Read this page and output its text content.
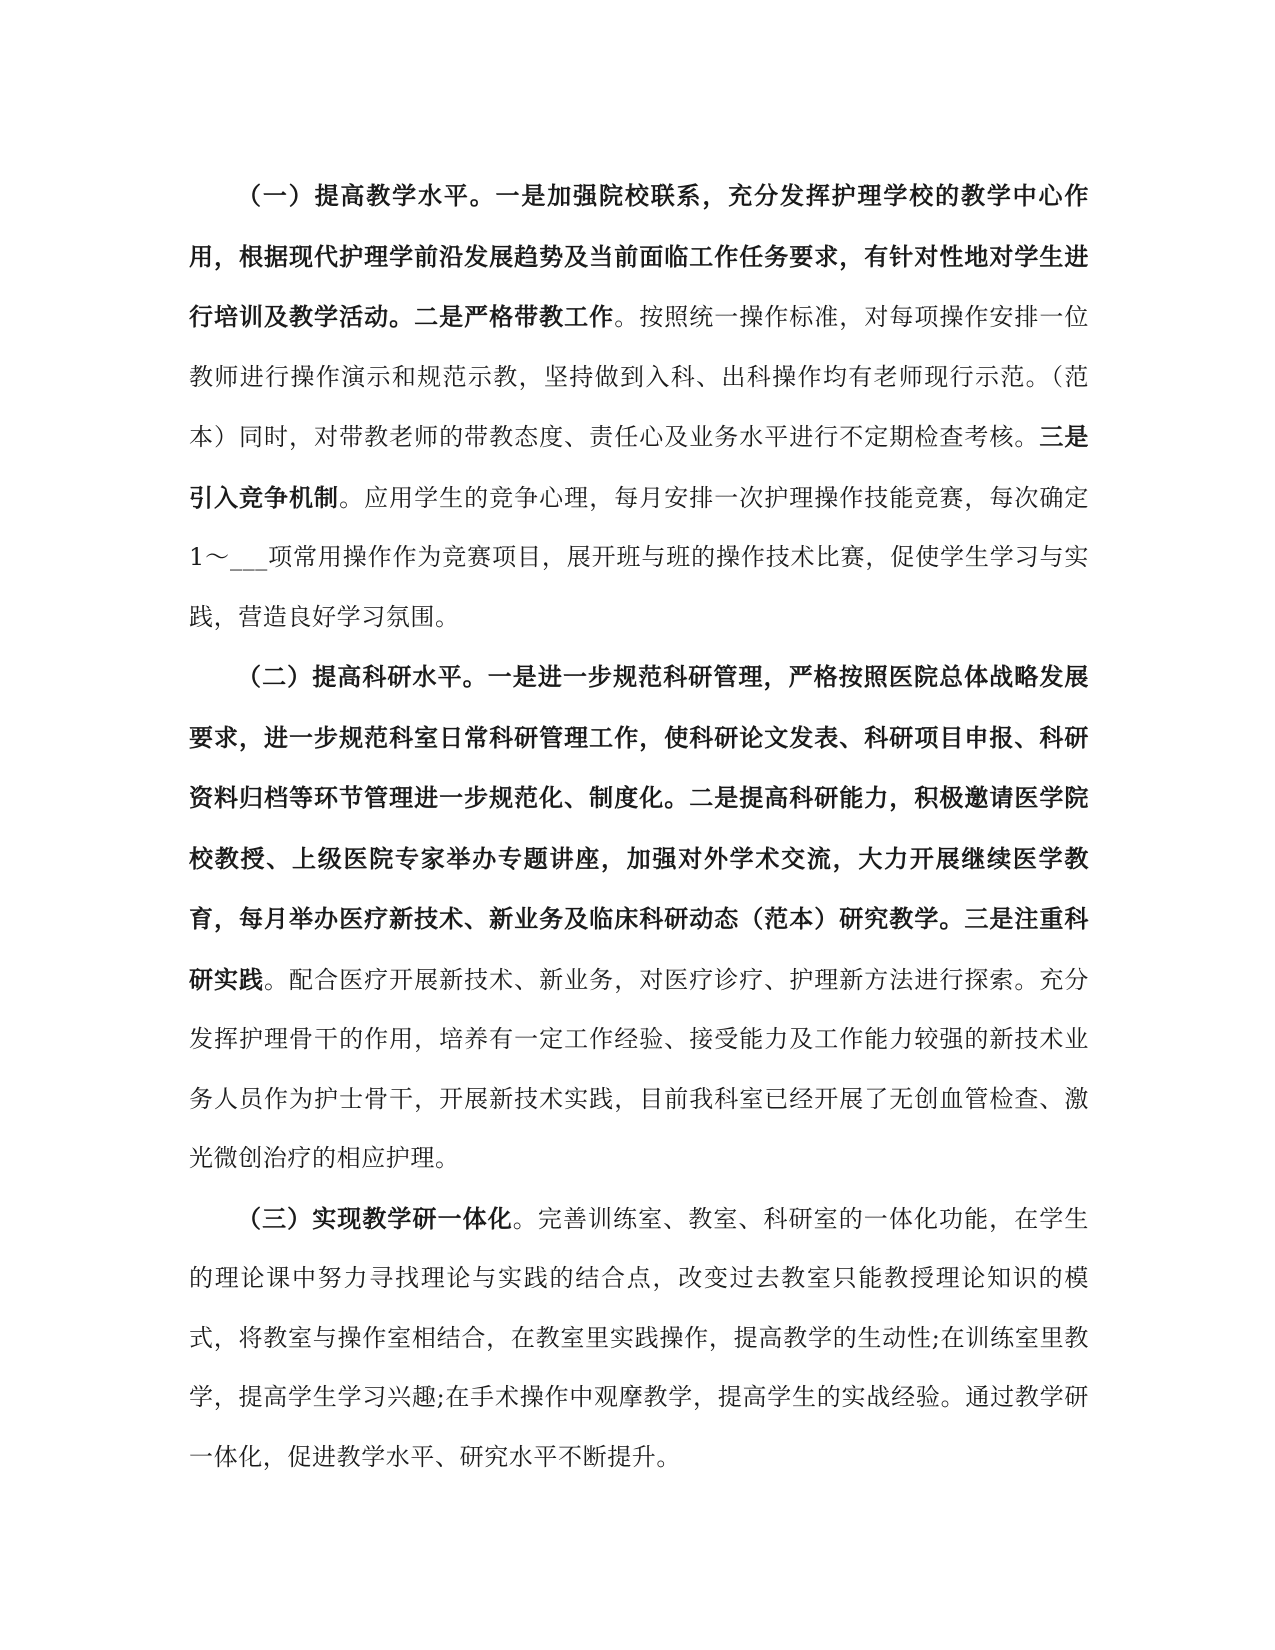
（一）提高教学水平。一是加强院校联系，充分发挥护理学校的教学中心作用，根据现代护理学前沿发展趋势及当前面临工作任务要求，有针对性地对学生进行培训及教学活动。二是严格带教工作。按照统一操作标准，对每项操作安排一位教师进行操作演示和规范示教，坚持做到入科、出科操作均有老师现行示范。（范本）同时，对带教老师的带教态度、责任心及业务水平进行不定期检查考核。三是引入竞争机制。应用学生的竞争心理，每月安排一次护理操作技能竞赛，每次确定1～___项常用操作作为竞赛项目，展开班与班的操作技术比赛，促使学生学习与实践，营造良好学习氛围。

（二）提高科研水平。一是进一步规范科研管理，严格按照医院总体战略发展要求，进一步规范科室日常科研管理工作，使科研论文发表、科研项目申报、科研资料归档等环节管理进一步规范化、制度化。二是提高科研能力，积极邀请医学院校教授、上级医院专家举办专题讲座，加强对外学术交流，大力开展继续医学教育，每月举办医疗新技术、新业务及临床科研动态（范本）研究教学。三是注重科研实践。配合医疗开展新技术、新业务，对医疗诊疗、护理新方法进行探索。充分发挥护理骨干的作用，培养有一定工作经验、接受能力及工作能力较强的新技术业务人员作为护士骨干，开展新技术实践，目前我科室已经开展了无创血管检查、激光微创治疗的相应护理。

（三）实现教学研一体化。完善训练室、教室、科研室的一体化功能，在学生的理论课中努力寻找理论与实践的结合点，改变过去教室只能教授理论知识的模式，将教室与操作室相结合，在教室里实践操作，提高教学的生动性;在训练室里教学，提高学生学习兴趣;在手术操作中观摩教学，提高学生的实战经验。通过教学研一体化，促进教学水平、研究水平不断提升。
